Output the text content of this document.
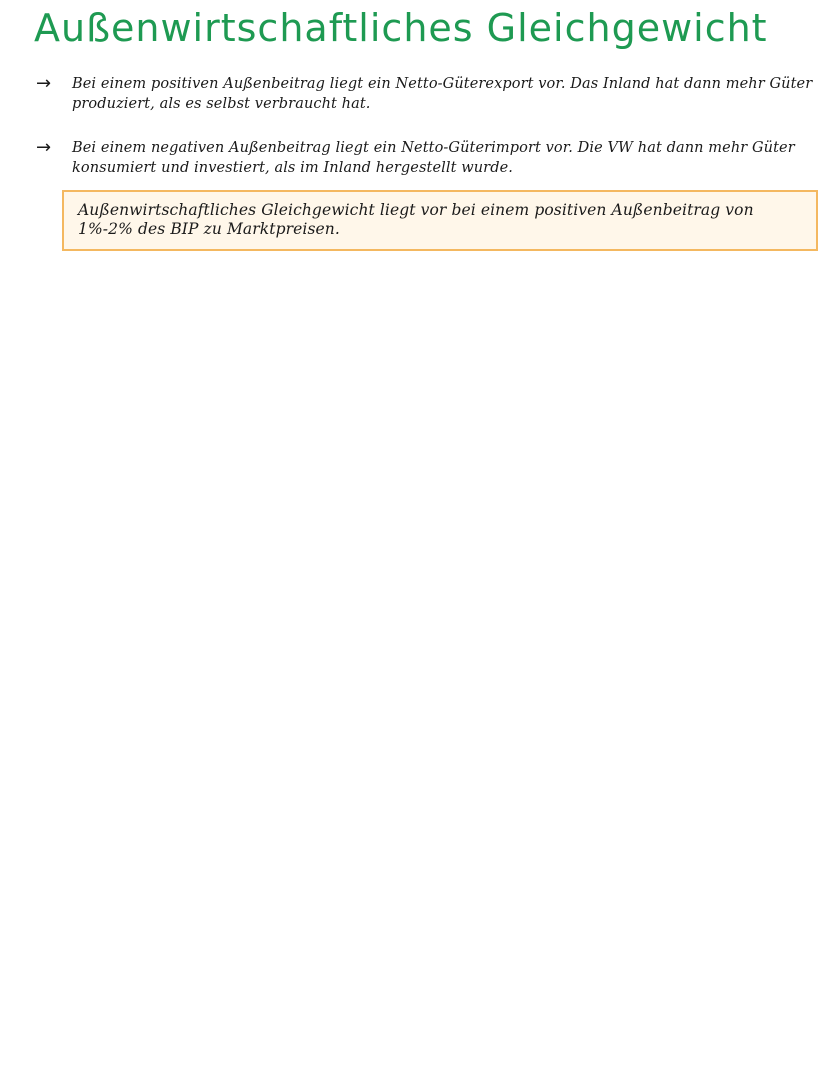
Außenwirtschaftliches Gleichgewicht
→	Bei einem positiven Außenbeitrag liegt ein Netto-Güterexport vor. Das Inland hat dann mehr Güter produziert, als es selbst verbraucht hat.

→	Bei einem negativen Außenbeitrag liegt ein Netto-Güterimport vor. Die VW hat dann mehr Güter konsumiert und investiert, als im Inland hergestellt wurde.

Außenwirtschaftliches Gleichgewicht liegt vor bei einem positiven Außenbeitrag von 1%-2% des BIP zu Marktpreisen.
